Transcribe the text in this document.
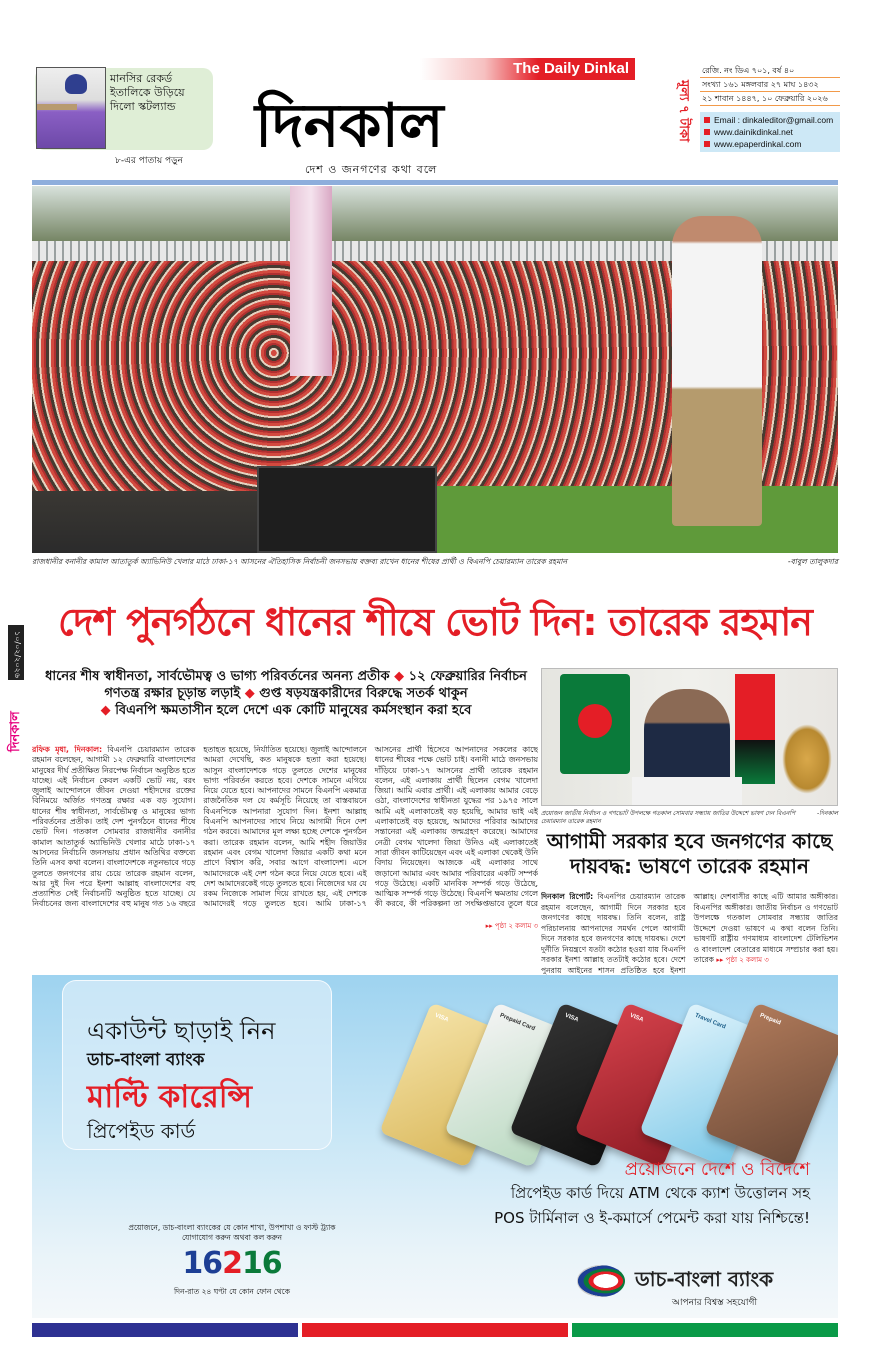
মানসির রেকর্ড ইতালিকে উড়িয়ে দিলো স্কটল্যান্ড
৮-এর পাতায় পড়ুন
The Daily Dinkal
দিনকাল
দেশ ও জনগণের কথা বলে
মূল্য ৭ টাকা
রেজি. নং ডিএ ৭০১, বর্ষ ৪০
সংখ্যা ১৬১ মঙ্গলবার ২৭ মাঘ ১৪৩২
২১ শাবান ১৪৪৭, ১০ ফেব্রুয়ারি ২০২৬
Email : dinkaleditor@gmail.com
www.dainikdinkal.net
www.epaperdinkal.com
রাজধানীর বনানীর কামাল আতাতুর্ক অ্যাভিনিউ খেলার মাঠে ঢাকা-১৭ আসনের ঐতিহাসিক নির্বাচনী জনসভায় বক্তব্য রাখেন ধানের শীষের প্রার্থী ও বিএনপি চেয়ারম্যান তারেক রহমান	-বাবুল তালুকদার
দেশ পুনর্গঠনে ধানের শীষে ভোট দিন: তারেক রহমান
ধানের শীষ স্বাধীনতা, সার্বভৌমত্ব ও ভাগ্য পরিবর্তনের অনন্য প্রতীক ◆ ১২ ফেব্রুয়ারির নির্বাচন গণতন্ত্র রক্ষার চূড়ান্ত লড়াই ◆ গুপ্ত ষড়যন্ত্রকারীদের বিরুদ্ধে সতর্ক থাকুন
◆ বিএনপি ক্ষমতাসীন হলে দেশে এক কোটি মানুষের কর্মসংস্থান করা হবে
১০/০২/২০২৬
দিনকাল	রফিক মৃধা, দিনকাল: বিএনপি চেয়ারম্যান তারেক রহমান বলেছেন, আগামী ১২ ফেব্রুয়ারি বাংলাদেশের মানুষের দীর্ঘ প্রতীক্ষিত নিরপেক্ষ নির্বাচন অনুষ্ঠিত হতে যাচ্ছে। এই নির্বাচন কেবল একটি ভোট নয়, বরং জুলাই আন্দোলনে জীবন দেওয়া শহীদদের রক্তের বিনিময়ে অর্জিত গণতন্ত্র রক্ষার এক বড় সুযোগ। ধানের শীষ স্বাধীনতা, সার্বভৌমত্ব ও মানুষের ভাগ্য পরিবর্তনের প্রতীক। তাই দেশ পুনর্গঠনে ধানের শীষে ভোট দিন। গতকাল সোমবার রাজধানীর বনানীর কামাল আতাতুর্ক অ্যাভিনিউ খেলার মাঠে ঢাকা-১৭ আসনের নির্বাচনি জনসভায় প্রধান অতিথির বক্তব্যে তিনি এসব কথা বলেন। বাংলাদেশকে নতুনভাবে গড়ে তুলতে জনগণের রায় চেয়ে তারেক রহমান বলেন, আর দুই দিন পরে ইনশা আল্লাহ বাংলাদেশের বহু প্রত্যাশিত সেই নির্বাচনটি অনুষ্ঠিত হতে যাচ্ছে। যে নির্বাচনের জন্য বাংলাদেশের বহু মানুষ গত ১৬ বছরে হতাহত হয়েছে, নির্যাতিত হয়েছে। জুলাই আন্দোলনে আমরা দেখেছি, কত মানুষকে হত্যা করা হয়েছে। আসুন বাংলাদেশকে গড়ে তুলতে দেশের মানুষের ভাগ্য পরিবর্তন করতে হবে। দেশকে সামনে এগিয়ে নিয়ে যেতে হবে। আপনাদের সামনে বিএনপি একমাত্র রাজনৈতিক দল যে কর্মসূচি নিয়েছে তা বাস্তবায়নে বিএনপিকে আপনারা সুযোগ দিন। ইনশা আল্লাহ বিএনপি আপনাদের সাথে নিয়ে আগামী দিনে দেশ গঠন করবে। আমাদের মূল লক্ষ্য হচ্ছে দেশকে পুনর্গঠন করা। তারেক রহমান বলেন, আমি শহীদ জিয়াউর রহমান এবং বেগম খালেদা জিয়ার একটি কথা মনে প্রাণে বিশ্বাস করি, সবার আগে বাংলাদেশ। এসে আমাদেরকে এই দেশ গঠন করে নিয়ে যেতে হবে। এই দেশ আমাদেরকেই গড়ে তুলতে হবে। নিজেদের ঘর যে রকম নিজেকে সামাল দিয়ে রাখতে হয়, এই দেশকে আমাদেরই গড়ে তুলতে হবে। আমি ঢাকা-১৭ আসনের প্রার্থী হিসেবে আপনাদের সকলের কাছে ধানের শীষের পক্ষে ভোট চাই। বনানী মাঠে জনসভায় দাঁড়িয়ে ঢাকা-১৭ আসনের প্রার্থী তারেক রহমান বলেন, এই এলাকায় প্রার্থী ছিলেন বেগম খালেদা জিয়া। আমি এবার প্রার্থী। এই এলাকায় আমার বেড়ে ওঠা, বাংলাদেশের স্বাধীনতা যুদ্ধের পর ১৯৭৫ সালে আমি এই এলাকাতেই বড় হয়েছি, আমার ভাই এই এলাকাতেই বড় হয়েছে, আমাদের পরিবার আমাদের সন্তানেরা এই এলাকায় জন্মগ্রহণ করেছে। আমাদের নেত্রী বেগম খালেদা জিয়া উনিও এই এলাকাতেই সারা জীবন কাটিয়েছেন এবং এই এলাকা থেকেই উনি বিদায় নিয়েছেন। আজকে এই এলাকার সাথে জড়ানো আমার এবং আমার পরিবারের একটি সম্পর্ক গড়ে উঠেছে। একটি মানবিক সম্পর্ক গড়ে উঠেছে, আত্মিক সম্পর্ক গড়ে উঠেছে। বিএনপি ক্ষমতায় গেলে কী করবে, কী পরিকল্পনা তা সংক্ষিপ্তভাবে তুলে ধরে
▸▸ পৃষ্ঠা ২ কলাম ৩
প্রয়োজন জাতীয় নির্বাচন ও গণভোট উপলক্ষে গতকাল সোমবার সন্ধ্যায় জাতির উদ্দেশে ভাষণ দেন বিএনপি চেয়ারম্যান তারেক রহমান
-দিনকাল
আগামী সরকার হবে জনগণের কাছে দায়বদ্ধ: ভাষণে তারেক রহমান
দিনকাল রিপোর্ট: বিএনপির চেয়ারম্যান তারেক রহমান বলেছেন, আগামী দিনে সরকার হবে জনগণের কাছে দায়বদ্ধ। তিনি বলেন, রাষ্ট্র পরিচালনায় আপনাদের সমর্থন পেলে আগামী দিনে সরকার হবে জনগণের কাছে দায়বদ্ধ। দেশে দুর্নীতি নিয়ন্ত্রণে যতটা কঠোর হওয়া যায় বিএনপি সরকার ইনশা আল্লাহ ততটাই কঠোর হবে। দেশে পুনরায় আইনের শাসন প্রতিষ্ঠিত হবে ইনশা আল্লাহ। দেশবাসীর কাছে এটি আমার অঙ্গীকার। বিএনপির অঙ্গীকার। জাতীয় নির্বাচন ও গণভোট উপলক্ষে গতকাল সোমবার সন্ধ্যায় জাতির উদ্দেশে দেওয়া ভাষণে এ কথা বলেন তিনি। ভাষণটি রাষ্ট্রীয় গণমাধ্যম বাংলাদেশ টেলিভিশন ও বাংলাদেশ বেতারের মাধ্যমে সম্প্রচার করা হয়। তারেক ▸▸ পৃষ্ঠা ২ কলাম ৩
একাউন্ট ছাড়াই নিন
ডাচ-বাংলা ব্যাংক
মাল্টি কারেন্সি
প্রিপেইড কার্ড
VISA	Prepaid Card	VISA	VISA	Travel Card	Prepaid
প্রয়োজনে দেশে ও বিদেশে
প্রিপেইড কার্ড দিয়ে ATM থেকে ক্যাশ উত্তোলন সহ
POS টার্মিনাল ও ই-কমার্সে পেমেন্ট করা যায় নিশ্চিন্তে!
প্রয়োজনে, ডাচ-বাংলা ব্যাংকের যে কোন শাখা, উপশাখা ও ফাস্ট ট্র্যাক যোগাযোগ করুন অথবা কল করুন
16216
দিন-রাত ২৪ ঘণ্টা যে কোন ফোন থেকে
ডাচ-বাংলা ব্যাংক
আপনার বিশ্বস্ত সহযোগী
